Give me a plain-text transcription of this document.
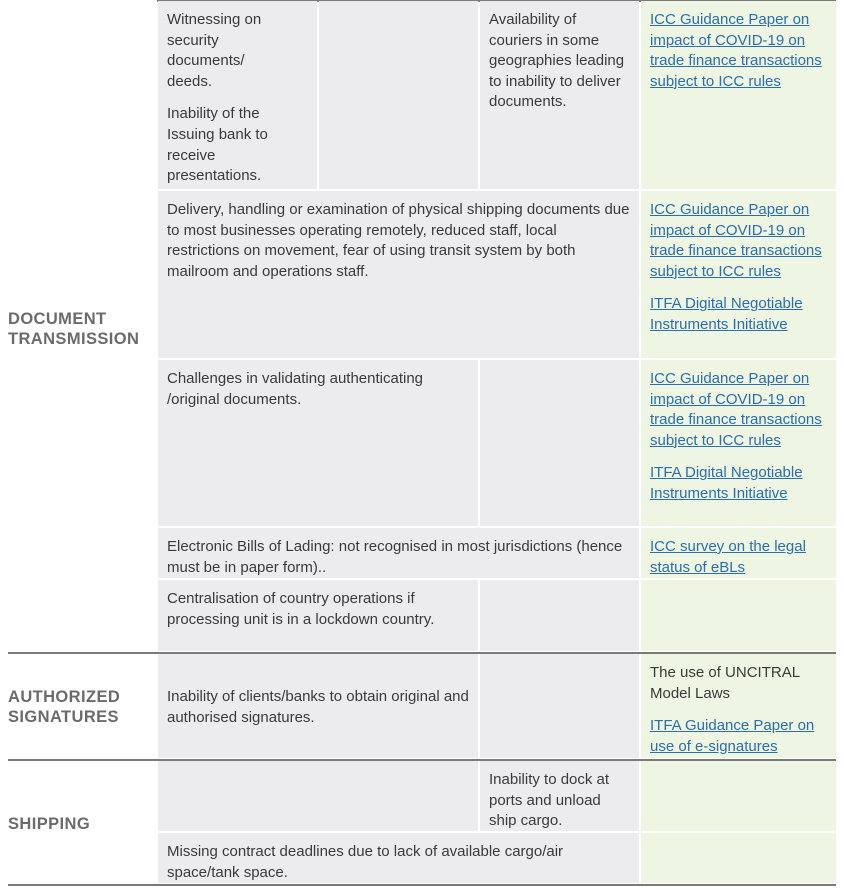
DOCUMENT TRANSMISSION
AUTHORIZED SIGNATURES
SHIPPING
Witnessing on security documents/ deeds.
Inability of the Issuing bank to receive presentations.
Availability of couriers in some geographies leading to inability to deliver documents.
ICC Guidance Paper on impact of COVID-19 on trade finance transactions subject to ICC rules
Delivery, handling or examination of physical shipping documents due to most businesses operating remotely, reduced staff, local restrictions on movement, fear of using transit system by both mailroom and operations staff.
ICC Guidance Paper on impact of COVID-19 on trade finance transactions subject to ICC rules
ITFA Digital Negotiable Instruments Initiative
Challenges in validating authenticating /original documents.
ICC Guidance Paper on impact of COVID-19 on trade finance transactions subject to ICC rules
ITFA Digital Negotiable Instruments Initiative
Electronic Bills of Lading: not recognised in most jurisdictions (hence must be in paper form)..
ICC survey on the legal status of eBLs
Centralisation of country operations if processing unit is in a lockdown country.
Inability of clients/banks to obtain original and authorised signatures.
The use of UNCITRAL Model Laws
ITFA Guidance Paper on use of e-signatures
Inability to dock at ports and unload ship cargo.
Missing contract deadlines due to lack of available cargo/air space/tank space.
